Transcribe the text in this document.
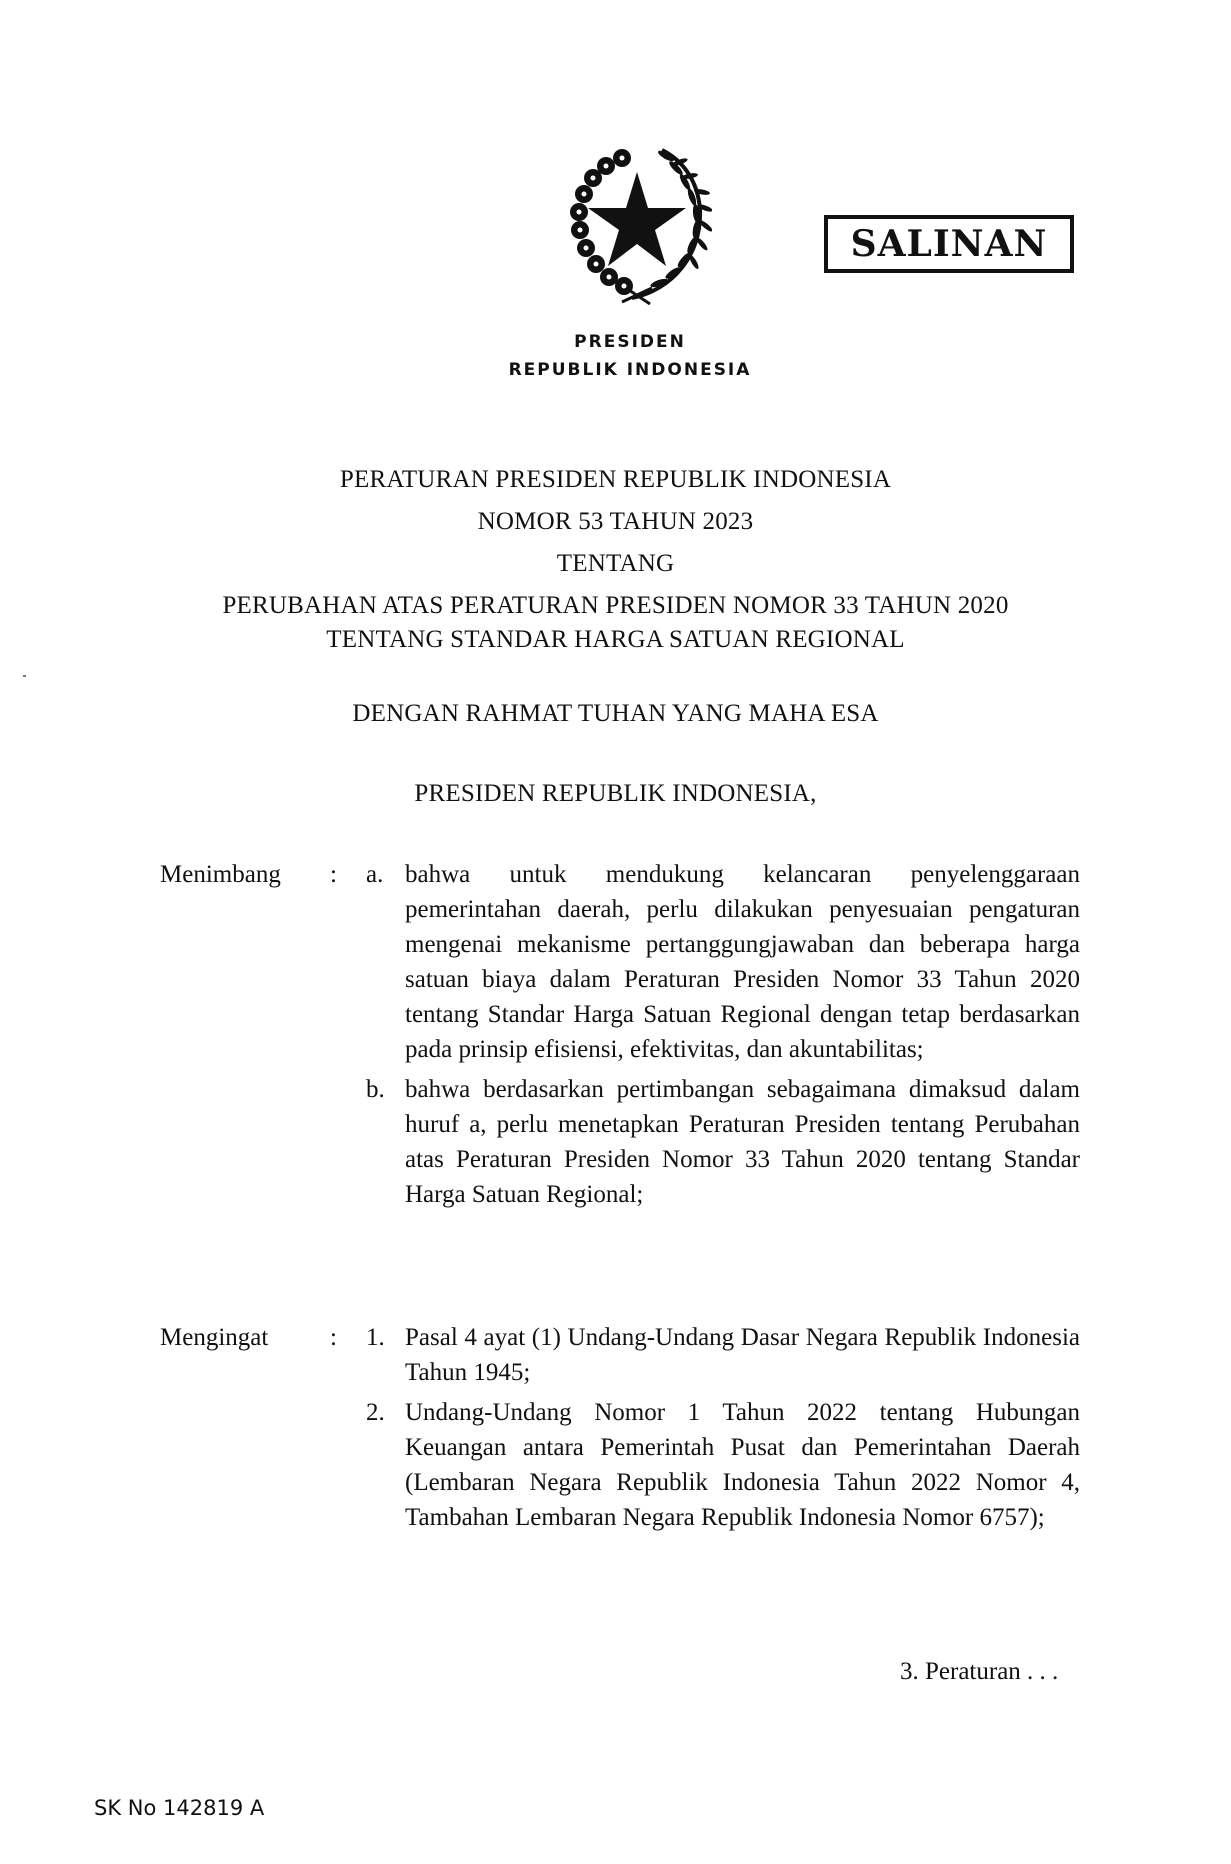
PRESIDEN
REPUBLIK INDONESIA
SALINAN
PERATURAN PRESIDEN REPUBLIK INDONESIA
NOMOR 53 TAHUN 2023
TENTANG
PERUBAHAN ATAS PERATURAN PRESIDEN NOMOR 33 TAHUN 2020
TENTANG STANDAR HARGA SATUAN REGIONAL
DENGAN RAHMAT TUHAN YANG MAHA ESA
PRESIDEN REPUBLIK INDONESIA,
Menimbang : a. bahwa untuk mendukung kelancaran penyelenggaraan pemerintahan daerah, perlu dilakukan penyesuaian pengaturan mengenai mekanisme pertanggungjawaban dan beberapa harga satuan biaya dalam Peraturan Presiden Nomor 33 Tahun 2020 tentang Standar Harga Satuan Regional dengan tetap berdasarkan pada prinsip efisiensi, efektivitas, dan akuntabilitas;
b. bahwa berdasarkan pertimbangan sebagaimana dimaksud dalam huruf a, perlu menetapkan Peraturan Presiden tentang Perubahan atas Peraturan Presiden Nomor 33 Tahun 2020 tentang Standar Harga Satuan Regional;
Mengingat : 1. Pasal 4 ayat (1) Undang-Undang Dasar Negara Republik Indonesia Tahun 1945;
2. Undang-Undang Nomor 1 Tahun 2022 tentang Hubungan Keuangan antara Pemerintah Pusat dan Pemerintahan Daerah (Lembaran Negara Republik Indonesia Tahun 2022 Nomor 4, Tambahan Lembaran Negara Republik Indonesia Nomor 6757);
3. Peraturan . . .
SK No 142819 A
